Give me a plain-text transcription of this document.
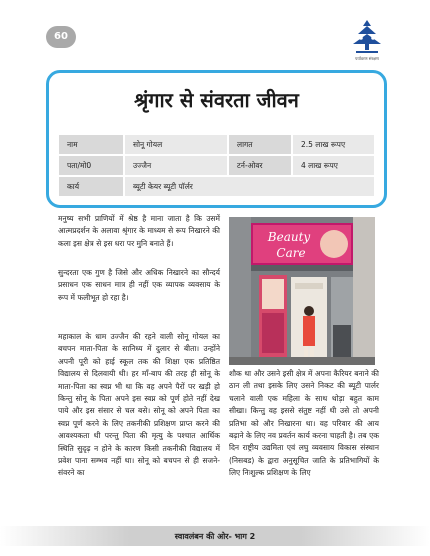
60
पर्यावरण संरक्षण
श्रृंगार से संवरता जीवन
नाम	सोनू गोयल	लागत	2.5 लाख रूपए
पता/मो0	उज्जैन	टर्न-ओवर	4 लाख रूपए
कार्य	ब्यूटी केयर ब्यूटी पॉर्लर
मनुष्य सभी प्राणियों में श्रेष्ठ है माना जाता है कि उसमें आत्मप्रदर्शन के अलावा श्रृंगार के माध्यम से रूप निखारने की कला इस क्षेत्र से इस धरा पर मुनि बनाते हैं।
सुन्दरता एक गुण है जिसे और अधिक निखारने का सौन्दर्य प्रसाधन एक साधन मात्र ही नहीं एक व्यापक व्यवसाय के रूप में फलीभूत हो रहा है।
महाकाल के धाम उज्जैन की रहने वाली सोनू गोयल का बचपन माता-पिता के सानिध्य में दुलार से बीता। उन्होंने अपनी पूरी को हाई स्कूल तक की शिक्षा एक प्रतिष्ठित विद्यालय से दिलवायी थी। हर माँ-बाप की तरह ही सोनू के माता-पिता का स्वप्न भी था कि वह अपने पैरों पर खड़ी हो किन्तु सोनू के पिता अपने इस स्वप्न को पूर्ण होते नहीं देख पाये और इस संसार से चल बसे। सोनू को अपने पिता का स्वप्न पूर्ण करने के लिए तकनीकी प्रशिक्षण प्राप्त करने की आवश्यकता थी परन्तु पिता की मृत्यु के पश्चात आर्थिक स्थिति सुदृढ़ न होने के कारण किसी तकनीकी विद्यालय में प्रवेश पाना सम्भव नहीं था। सोनू को बचपन से ही सजने-संवरने का
Beauty
Care
शौक था और उसने इसी क्षेत्र में अपना कैरियर बनाने की ठान ली तथा इसके लिए उसने निकट की ब्यूटी पार्लर चलाने वाली एक महिला के साथ थोड़ा बहुत काम सीखा। किन्तु वह इससे संतुष्ट नहीं थी उसे तो अपनी प्रतिभा को और निखारना था। वह परिवार की आय बढ़ाने के लिए नव प्रवर्तन कार्य करना चाहती है। तब एक दिन राष्ट्रीय उद्यमिता एवं लघु व्यवसाय विकास संस्थान (निसबड) के द्वारा अनुसूचित जाति के प्रतिभागियों के लिए निःशुल्क प्रशिक्षण के लिए
स्वावलंबन की ओर- भाग 2
